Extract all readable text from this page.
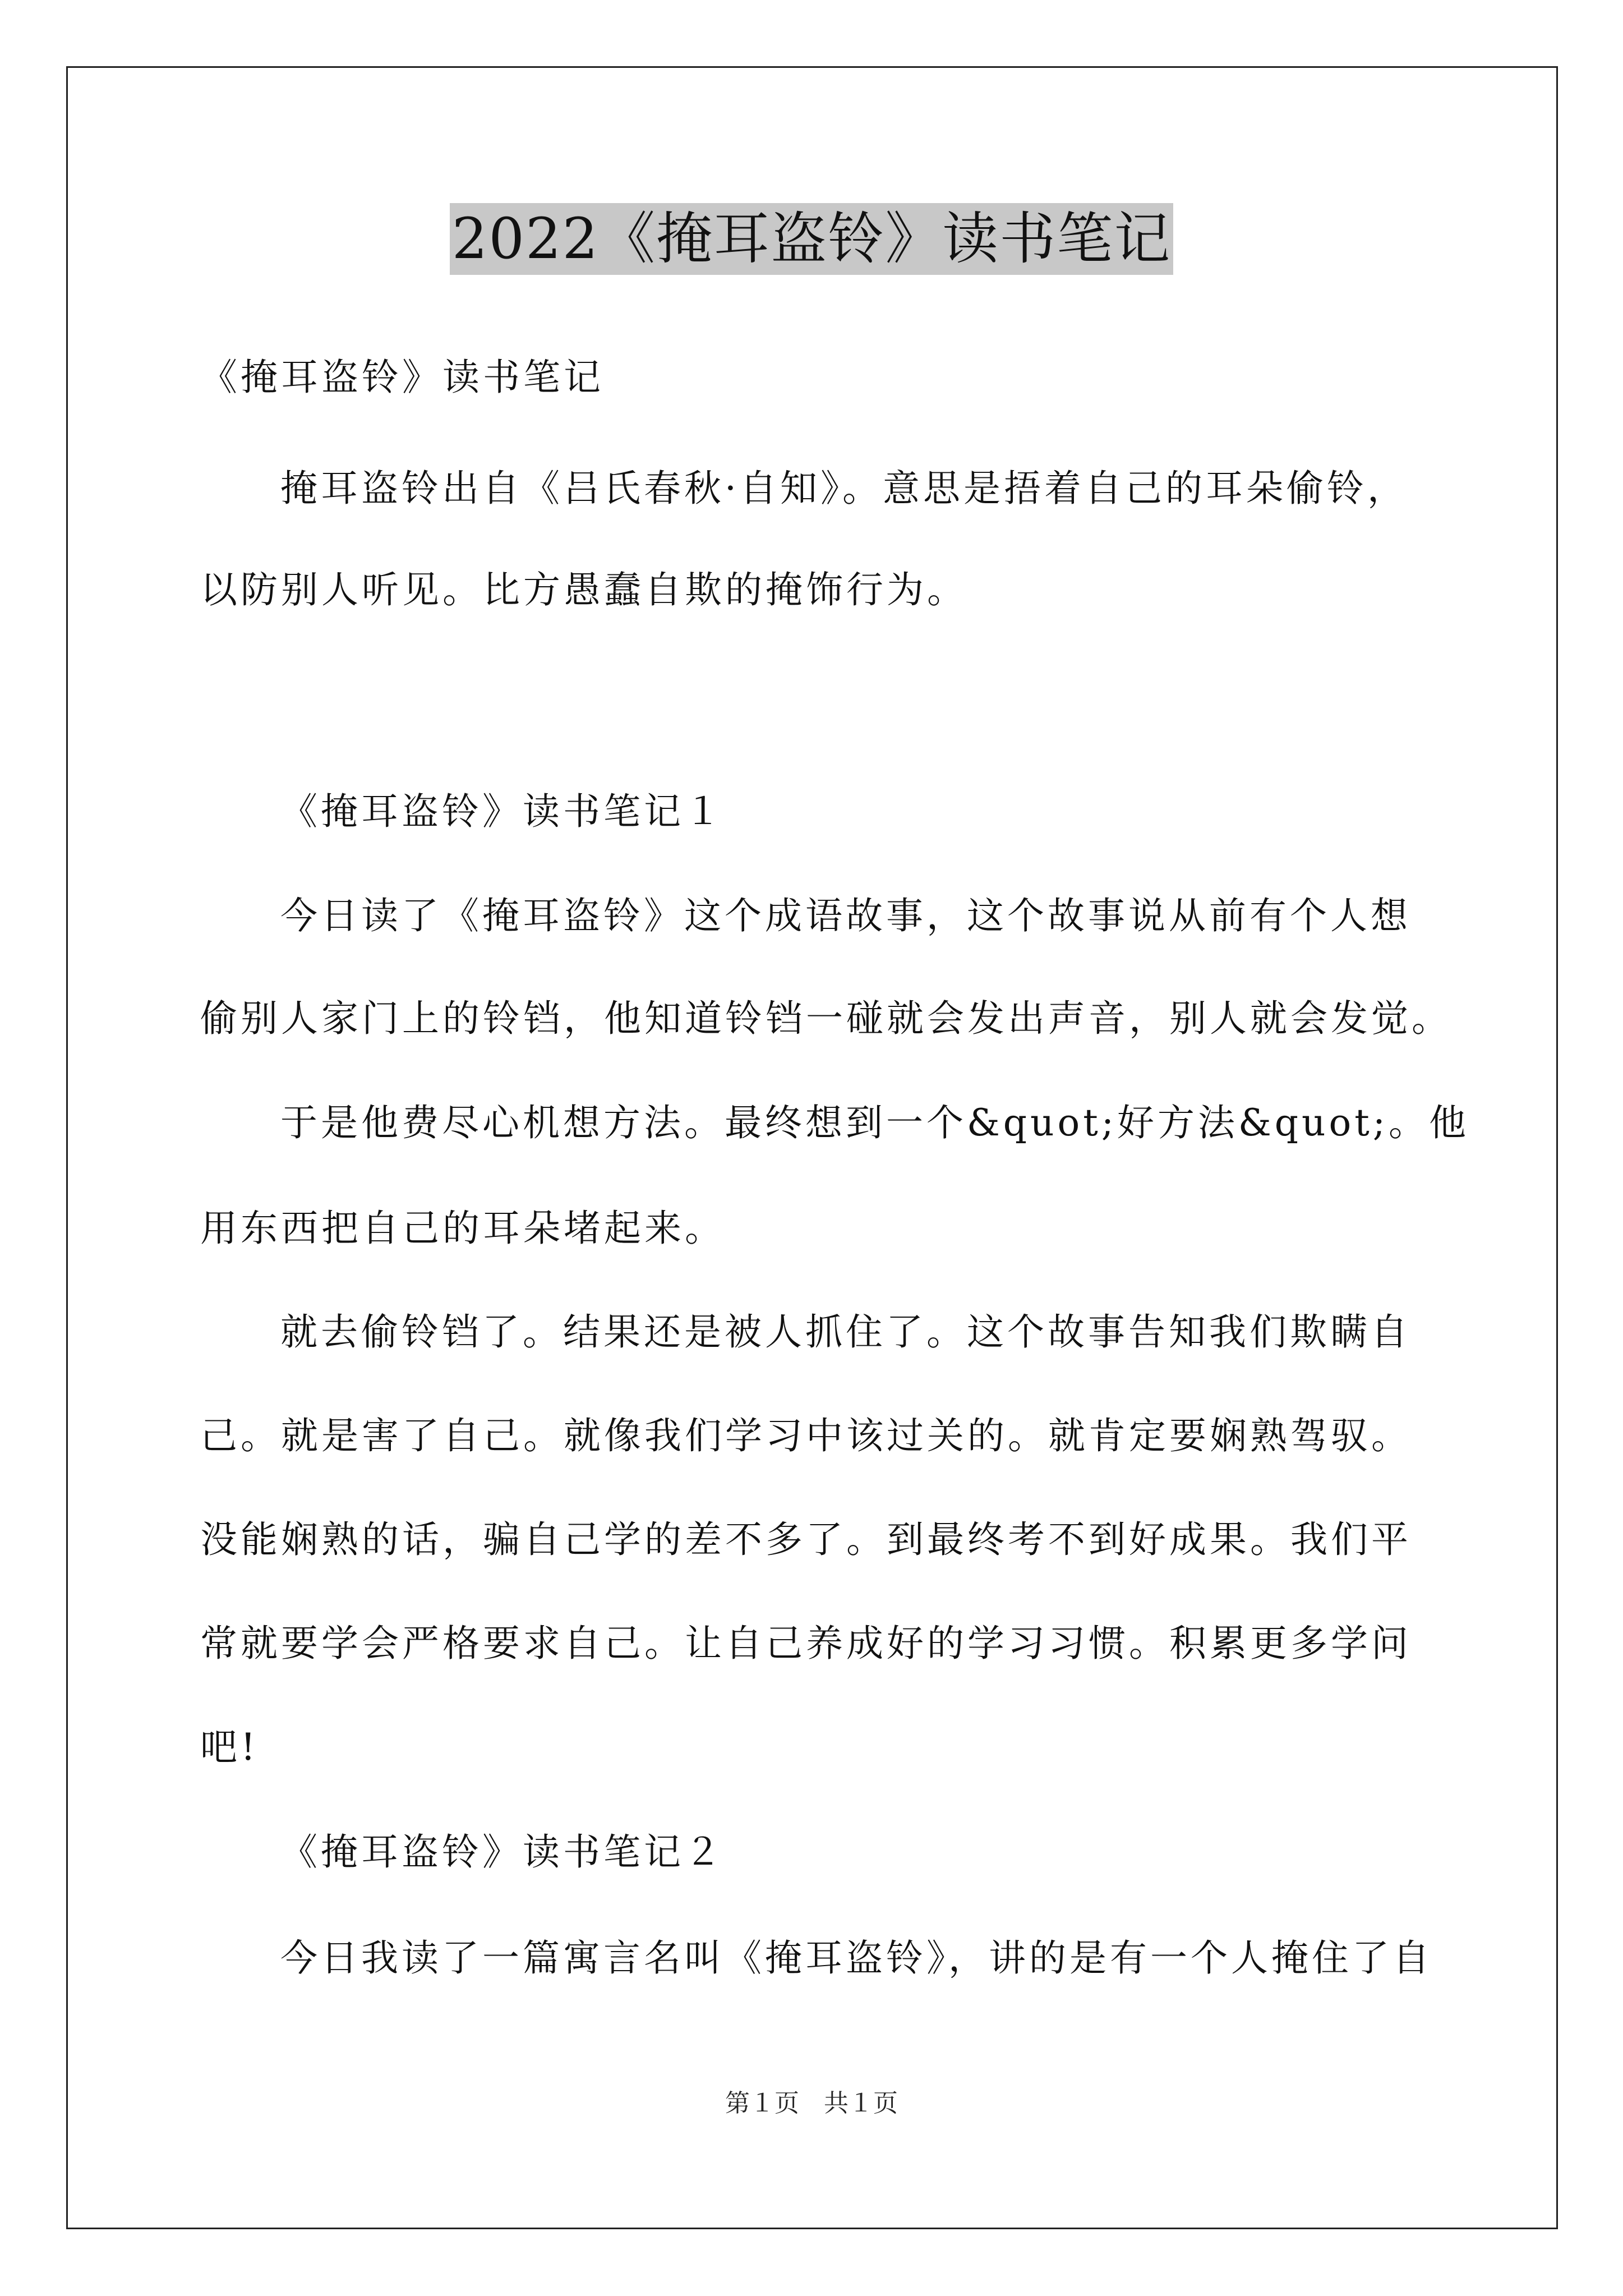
2022《掩耳盗铃》读书笔记
《掩耳盗铃》读书笔记
掩耳盗铃出自《吕氏春秋·自知》。意思是捂着自己的耳朵偷铃，
以防别人听见。比方愚蠢自欺的掩饰行为。
《掩耳盗铃》读书笔记１
今日读了《掩耳盗铃》这个成语故事，这个故事说从前有个人想
偷别人家门上的铃铛，他知道铃铛一碰就会发出声音，别人就会发觉。
于是他费尽心机想方法。最终想到一个&quot;好方法&quot;。他
用东西把自己的耳朵堵起来。
就去偷铃铛了。结果还是被人抓住了。这个故事告知我们欺瞒自
己。就是害了自己。就像我们学习中该过关的。就肯定要娴熟驾驭。
没能娴熟的话，骗自己学的差不多了。到最终考不到好成果。我们平
常就要学会严格要求自己。让自己养成好的学习习惯。积累更多学问
吧!
《掩耳盗铃》读书笔记２
今日我读了一篇寓言名叫《掩耳盗铃》，讲的是有一个人掩住了自
第１页　共１页
